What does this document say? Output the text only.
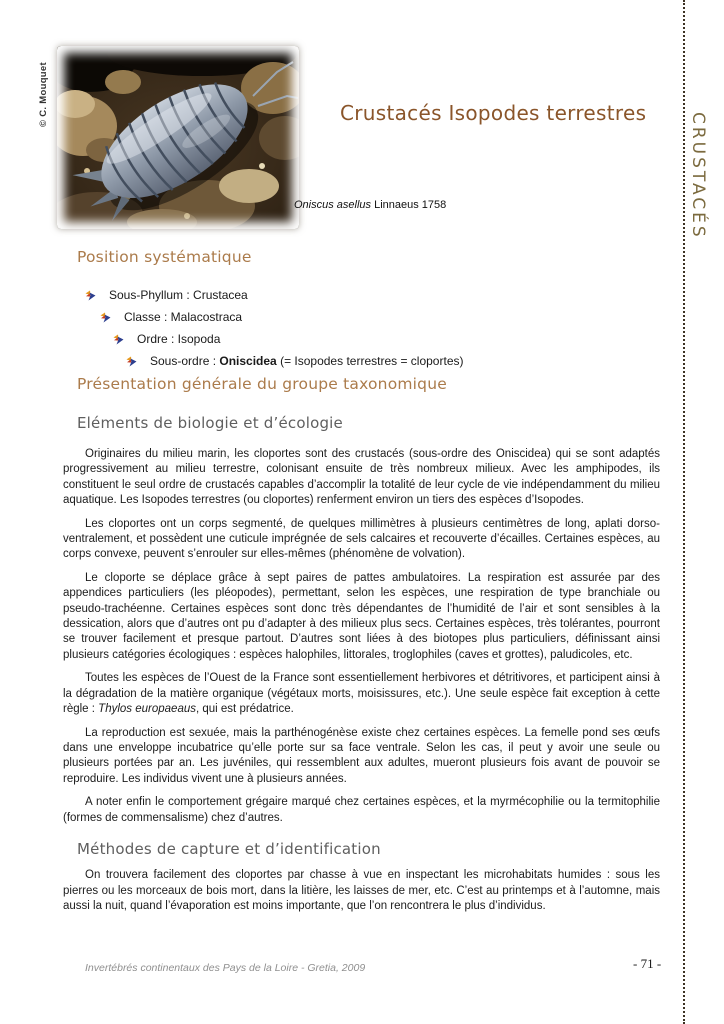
CRUSTACÉS
© C. Mouquet	Crustacés Isopodes terrestres
Oniscus asellus Linnaeus 1758
Position systématique
Sous-Phyllum : Crustacea
Classe : Malacostraca
Ordre : Isopoda
Sous-ordre : Oniscidea (= Isopodes terrestres = cloportes)
Présentation générale du groupe taxonomique
Eléments de biologie et d’écologie

Originaires du milieu marin, les cloportes sont des crustacés (sous-ordre des Oniscidea) qui se sont adaptés progressivement au milieu terrestre, colonisant ensuite de très nombreux milieux. Avec les amphipodes, ils constituent le seul ordre de crustacés capables d’accomplir la totalité de leur cycle de vie indépendamment du milieu aquatique. Les Isopodes terrestres (ou cloportes) renferment environ un tiers des espèces d’Isopodes.

Les cloportes ont un corps segmenté, de quelques millimètres à plusieurs centimètres de long, aplati dorso-ventralement, et possèdent une cuticule imprégnée de sels calcaires et recouverte d’écailles. Certaines espèces, au corps convexe, peuvent s’enrouler sur elles-mêmes (phénomène de volvation).

Le cloporte se déplace grâce à sept paires de pattes ambulatoires. La respiration est assurée par des appendices particuliers (les pléopodes), permettant, selon les espèces, une respiration de type branchiale ou pseudo-trachéenne. Certaines espèces sont donc très dépendantes de l’humidité de l’air et sont sensibles à la dessication, alors que d’autres ont pu d’adapter à des milieux plus secs. Certaines espèces, très tolérantes, pourront se trouver facilement et presque partout. D’autres sont liées à des biotopes plus particuliers, définissant ainsi plusieurs catégories écologiques : espèces halophiles, littorales, troglophiles (caves et grottes), paludicoles, etc.

Toutes les espèces de l’Ouest de la France sont essentiellement herbivores et détritivores, et participent ainsi à la dégradation de la matière organique (végétaux morts, moisissures, etc.). Une seule espèce fait exception à cette règle : Thylos europaeaus, qui est prédatrice.

La reproduction est sexuée, mais la parthénogénèse existe chez certaines espèces. La femelle pond ses œufs dans une enveloppe incubatrice qu’elle porte sur sa face ventrale. Selon les cas, il peut y avoir une seule ou plusieurs portées par an. Les juvéniles, qui ressemblent aux adultes, mueront plusieurs fois avant de pouvoir se reproduire. Les individus vivent une à plusieurs années.

A noter enfin le comportement grégaire marqué chez certaines espèces, et la myrmécophilie ou la termitophilie (formes de commensalisme) chez d’autres.

Méthodes de capture et d’identification

On trouvera facilement des cloportes par chasse à vue en inspectant les microhabitats humides : sous les pierres ou les morceaux de bois mort, dans la litière, les laisses de mer, etc. C’est au printemps et à l’automne, mais aussi la nuit, quand l’évaporation est moins importante, que l’on rencontrera le plus d’individus.

Invertébrés continentaux des Pays de la Loire - Gretia, 2009	- 71 -
